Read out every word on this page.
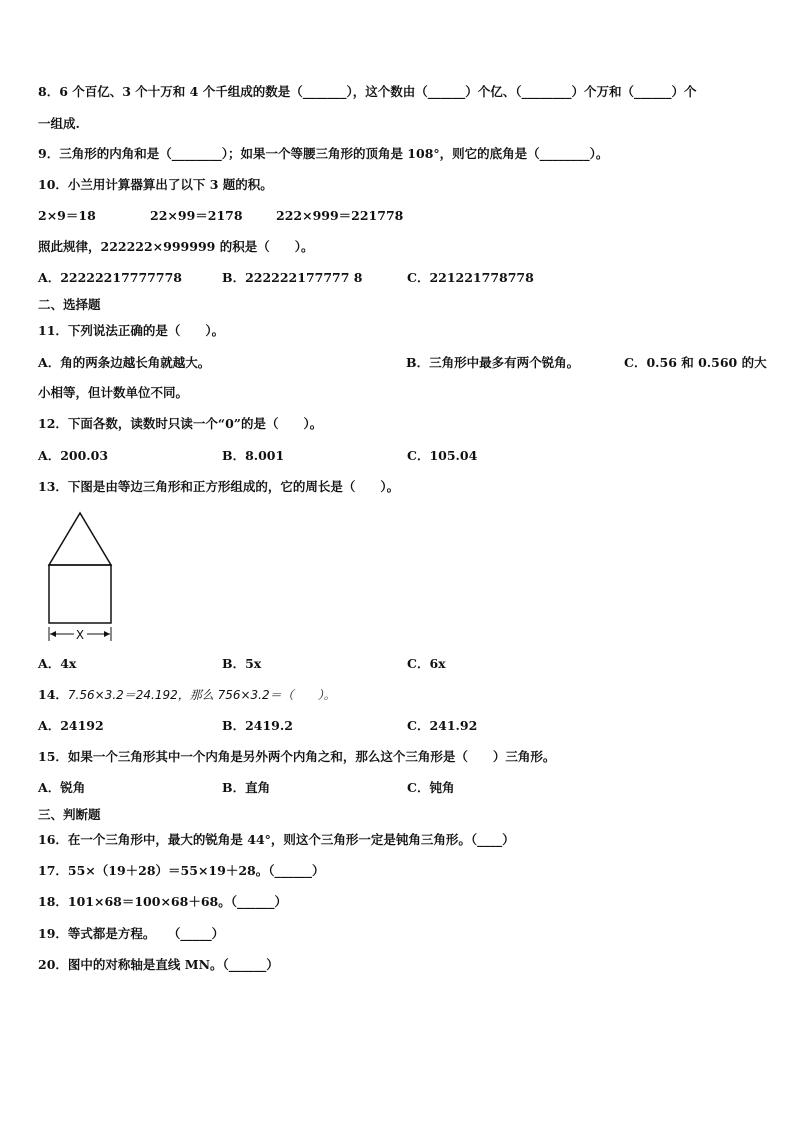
8．6 个百亿、3 个十万和 4 个千组成的数是（_______），这个数由（______）个亿、（________）个万和（______）个
一组成.
9．三角形的内角和是（________）；如果一个等腰三角形的顶角是 108°，则它的底角是（________）。
10．小兰用计算器算出了以下 3 题的积。
2×9＝18	22×99＝2178	222×999＝221778
照此规律，222222×999999 的积是（　　）。
A．22222217777778	B．222222177777 8	C．221221778778
二、选择题
11．下列说法正确的是（　　）。
A．角的两条边越长角就越大。	B．三角形中最多有两个锐角。	C．0.56 和 0.560 的大
小相等，但计数单位不同。
12．下面各数，读数时只读一个“0”的是（　　）。
A．200.03	B．8.001	C．105.04
13．下图是由等边三角形和正方形组成的，它的周长是（　　）。
X
A．4x	B．5x	C．6x
14．7.56×3.2＝24.192，那么 756×3.2＝（　　）。
A．24192	B．2419.2	C．241.92
15．如果一个三角形其中一个内角是另外两个内角之和，那么这个三角形是（　　）三角形。
A．锐角	B．直角	C．钝角
三、判断题
16．在一个三角形中，最大的锐角是 44°，则这个三角形一定是钝角三角形。（____）
17．55×（19＋28）＝55×19＋28。（______）
18．101×68＝100×68＋68。（______）
19．等式都是方程。　　（_____）
20．图中的对称轴是直线 MN。（______）
